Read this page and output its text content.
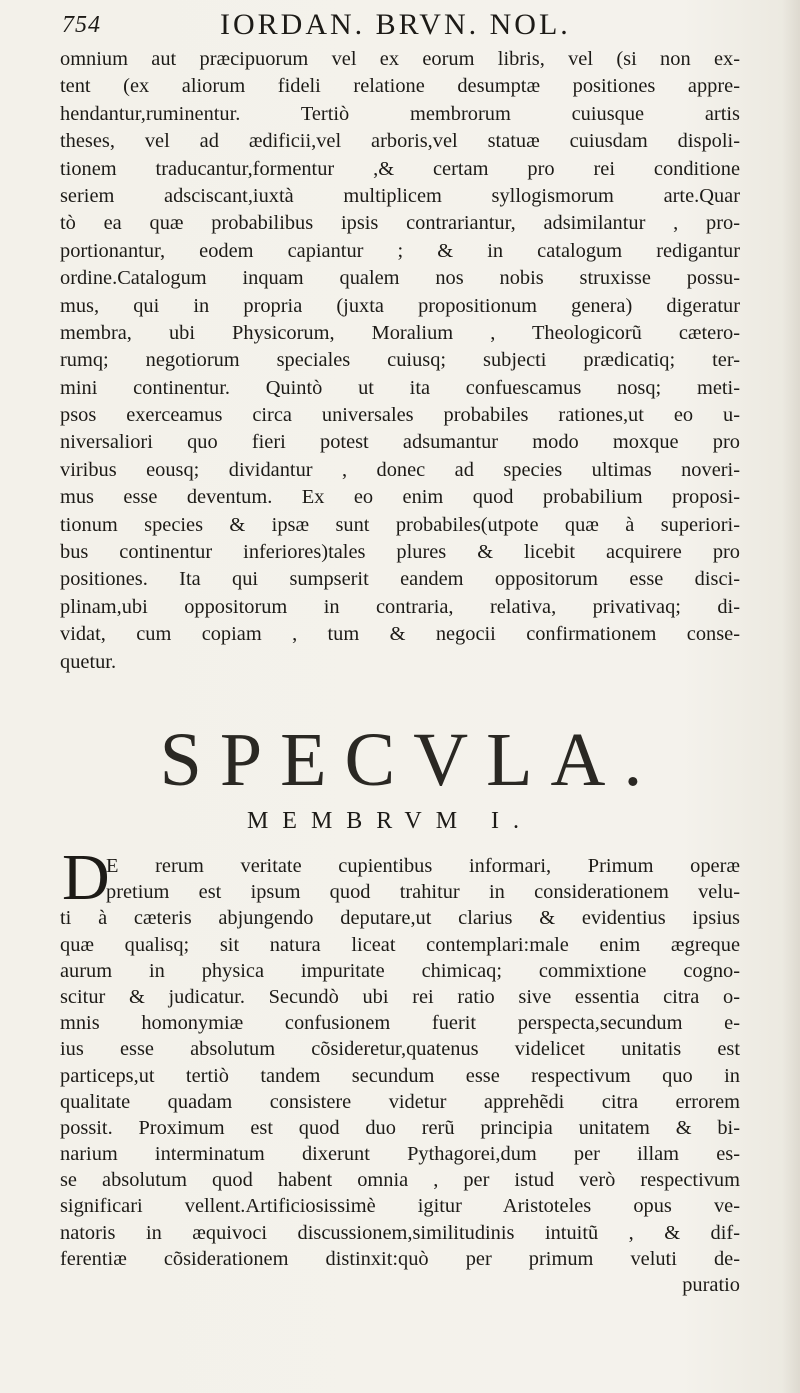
754	IORDAN. BRVN. NOL.
omnium aut præcipuorum vel ex eorum libris, vel (si non ex-
tent (ex aliorum fideli relatione desumptæ positiones appre-
hendantur,ruminentur. Tertiò membrorum cuiusque artis
theses, vel ad ædificii,vel arboris,vel statuæ cuiusdam dispoli-
tionem traducantur,formentur ,& certam pro rei conditione
seriem adsciscant,iuxtà multiplicem syllogismorum arte.Quar
tò ea quæ probabilibus ipsis contrariantur, adsimilantur , pro-
portionantur, eodem capiantur ; & in catalogum redigantur
ordine.Catalogum inquam qualem nos nobis struxisse possu-
mus, qui in propria (juxta propositionum genera) digeratur
membra, ubi Physicorum, Moralium , Theologicorũ cætero-
rumq; negotiorum speciales cuiusq; subjecti prædicatiq; ter-
mini continentur. Quintò ut ita confuescamus nosq; meti-
psos exerceamus circa universales probabiles rationes,ut eo u-
niversaliori quo fieri potest adsumantur modo moxque pro
viribus eousq; dividantur , donec ad species ultimas noveri-
mus esse deventum. Ex eo enim quod probabilium proposi-
tionum species & ipsæ sunt probabiles(utpote quæ à superiori-
bus continentur inferiores)tales plures & licebit acquirere pro
positiones. Ita qui sumpserit eandem oppositorum esse disci-
plinam,ubi oppositorum in contraria, relativa, privativaq; di-
vidat, cum copiam , tum & negocii confirmationem conse-
quetur.
SPECVLA.
MEMBRVM I.
D
E rerum veritate cupientibus informari, Primum operæ
pretium est ipsum quod trahitur in considerationem velu-
ti à cæteris abjungendo deputare,ut clarius & evidentius ipsius
quæ qualisq; sit natura liceat contemplari:male enim ægreque
aurum in physica impuritate chimicaq; commixtione cogno-
scitur & judicatur. Secundò ubi rei ratio sive essentia citra o-
mnis homonymiæ confusionem fuerit perspecta,secundum e-
ius esse absolutum cõsideretur,quatenus videlicet unitatis est
particeps,ut tertiò tandem secundum esse respectivum quo in
qualitate quadam consistere videtur apprehẽdi citra errorem
possit. Proximum est quod duo rerũ principia unitatem & bi-
narium interminatum dixerunt Pythagorei,dum per illam es-
se absolutum quod habent omnia , per istud verò respectivum
significari vellent.Artificiosissimè igitur Aristoteles opus ve-
natoris in æquivoci discussionem,similitudinis intuitũ , & dif-
ferentiæ cõsiderationem distinxit:quò per primum veluti de-
puratio
